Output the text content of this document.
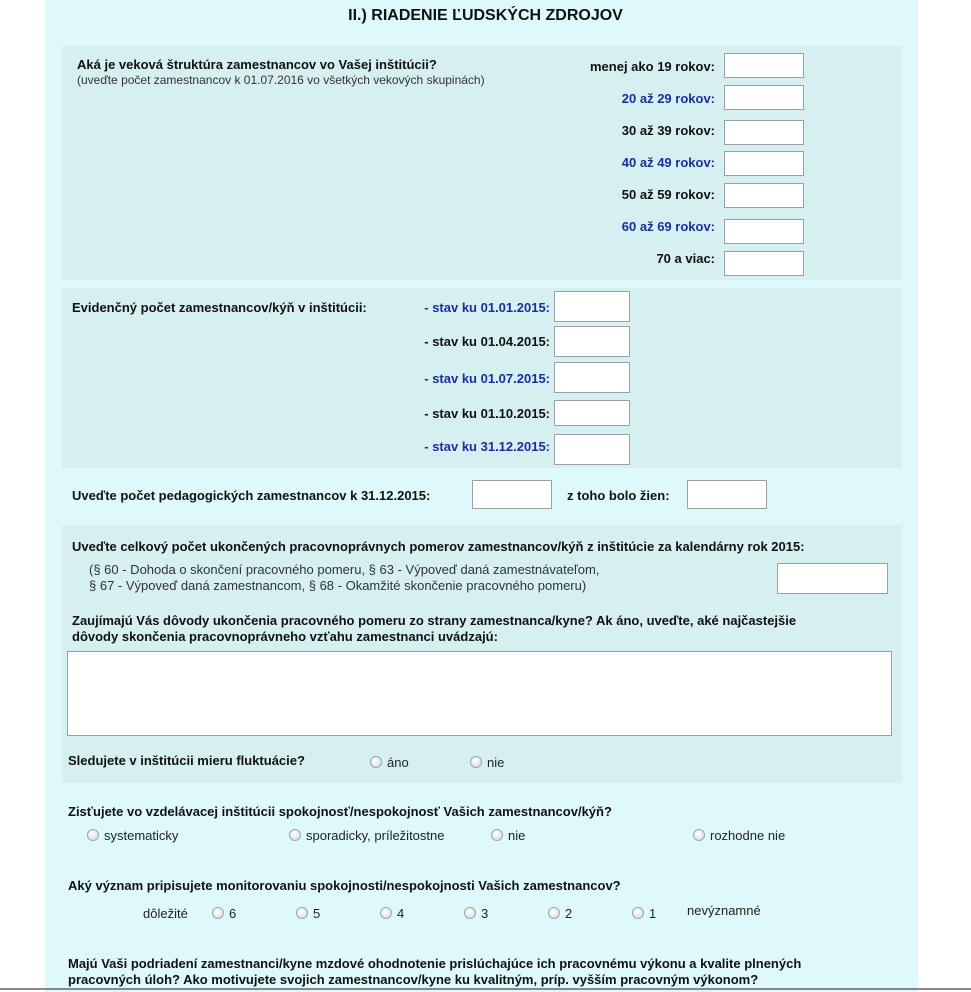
II.) RIADENIE ĽUDSKÝCH ZDROJOV
Aká je veková štruktúra zamestnancov vo Vašej inštitúcii?
(uveďte počet zamestnancov k 01.07.2016 vo všetkých vekových skupinách)
menej ako 19 rokov:
20 až 29 rokov:
30 až 39 rokov:
40 až 49 rokov:
50 až 59 rokov:
60 až 69 rokov:
70 a viac:
Evidenčný počet zamestnancov/kýň v inštitúcii:	- stav ku 01.01.2015:
- stav ku 01.04.2015:
- stav ku 01.07.2015:
- stav ku 01.10.2015:
- stav ku 31.12.2015:
Uveďte počet pedagogických zamestnancov k 31.12.2015:	z toho bolo žien:
Uveďte celkový počet ukončených pracovnoprávnych pomerov zamestnancov/kýň z inštitúcie za kalendárny rok 2015:
(§ 60 - Dohoda o skončení pracovného pomeru, § 63 - Výpoveď daná zamestnávateľom,
§ 67 - Výpoveď daná zamestnancom, § 68 - Okamžité skončenie pracovného pomeru)
Zaujímajú Vás dôvody ukončenia pracovného pomeru zo strany zamestnanca/kyne? Ak áno, uveďte, aké najčastejšie
dôvody skončenia pracovnoprávneho vzťahu zamestnanci uvádzajú:
Sledujete v inštitúcii mieru fluktuácie?	áno	nie
Zisťujete vo vzdelávacej inštitúcii spokojnosť/nespokojnosť Vašich zamestnancov/kýň?
systematicky	sporadicky, príležitostne	nie	rozhodne nie
Aký význam pripisujete monitorovaniu spokojnosti/nespokojnosti Vašich zamestnancov?
dôležité	6	5	4	3	2	1 nevýznamné
Majú Vaši podriadení zamestnanci/kyne mzdové ohodnotenie prislúchajúce ich pracovnému výkonu a kvalite plnených
pracovných úloh? Ako motivujete svojich zamestnancov/kyne ku kvalitným, príp. vyšším pracovným výkonom?
